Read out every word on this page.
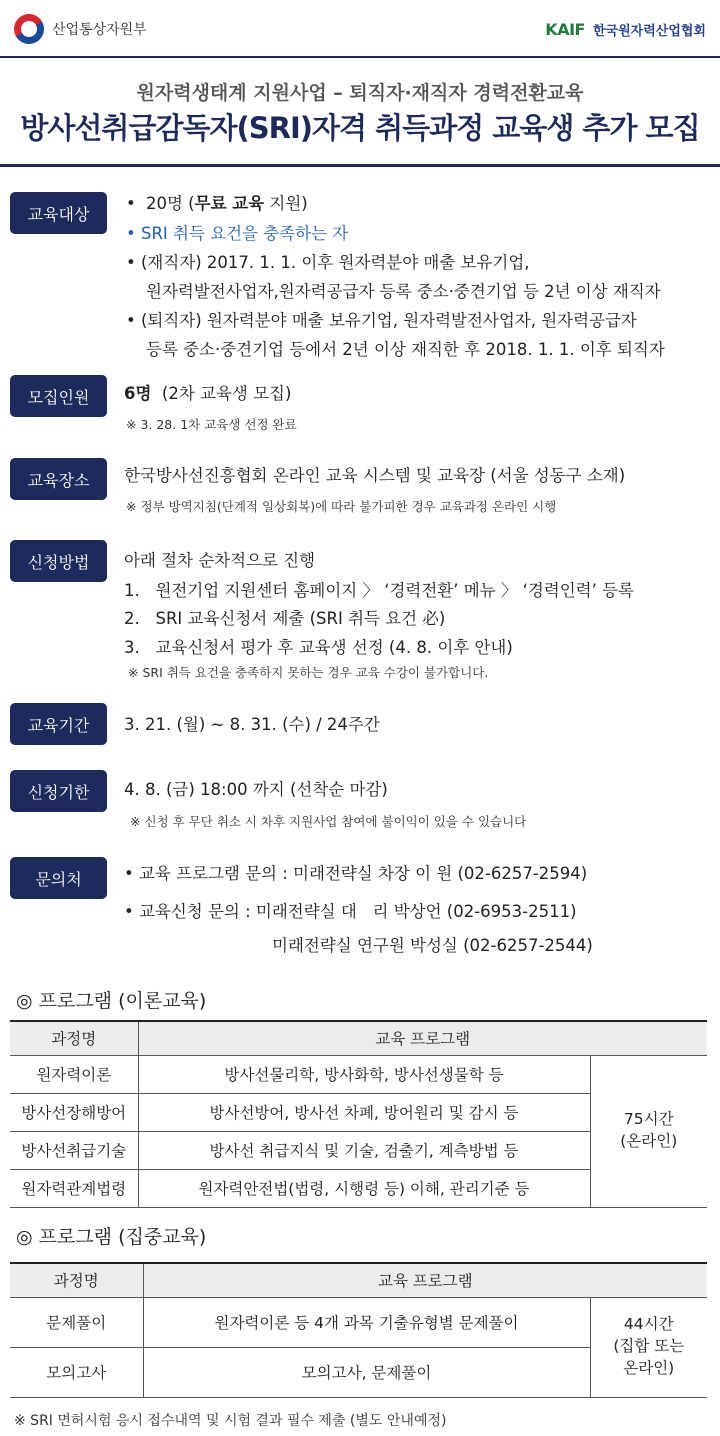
산업통상자원부	KAIF 한국원자력산업협회
원자력생태계 지원사업 – 퇴직자·재직자 경력전환교육
방사선취급감독자(SRI)자격 취득과정 교육생 추가 모집
교육대상
• 20명 (무료 교육 지원)
• SRI 취득 요건을 충족하는 자
• (재직자) 2017. 1. 1. 이후 원자력분야 매출 보유기업,
원자력발전사업자,원자력공급자 등록 중소·중견기업 등 2년 이상 재직자
• (퇴직자) 원자력분야 매출 보유기업, 원자력발전사업자, 원자력공급자
등록 중소·중견기업 등에서 2년 이상 재직한 후 2018. 1. 1. 이후 퇴직자
모집인원	6명 (2차 교육생 모집)
※ 3. 28. 1차 교육생 선정 완료
교육장소	한국방사선진흥협회 온라인 교육 시스템 및 교육장 (서울 성동구 소재)
※ 정부 방역지침(단계적 일상회복)에 따라 불가피한 경우 교육과정 온라인 시행
신청방법	아래 절차 순차적으로 진행
1.   원전기업 지원센터 홈페이지 〉 ‘경력전환’ 메뉴 〉 ‘경력인력’ 등록
2.   SRI 교육신청서 제출 (SRI 취득 요건 必)
3.   교육신청서 평가 후 교육생 선정 (4. 8. 이후 안내)
※ SRI 취득 요건을 충족하지 못하는 경우 교육 수강이 불가합니다.
교육기간	3. 21. (월) ~ 8. 31. (수) / 24주간
신청기한	4. 8. (금) 18:00 까지 (선착순 마감)
※ 신청 후 무단 취소 시 차후 지원사업 참여에 불이익이 있을 수 있습니다
문의처	• 교육 프로그램 문의 : 미래전략실 차장 이 원 (02-6257-2594)
• 교육신청 문의 : 미래전략실 대   리 박상언 (02-6953-2511)
미래전략실 연구원 박성실 (02-6257-2544)
◎ 프로그램 (이론교육)
과정명	교육 프로그램	
원자력이론	방사선물리학, 방사화학, 방사선생물학 등	75시간
(온라인)

방사선장해방어	방사선방어, 방사선 차폐, 방어원리 및 감시 등	
방사선취급기술	방사선 취급지식 및 기술, 검출기, 계측방법 등	
원자력관계법령	원자력안전법(법령, 시행령 등) 이해, 관리기준 등	
◎ 프로그램 (집중교육)
과정명	교육 프로그램	
문제풀이	원자력이론 등 4개 과목 기출유형별 문제풀이	44시간
(집합 또는
온라인)

모의고사	모의고사, 문제풀이	
※ SRI 면허시험 응시 접수내역 및 시험 결과 필수 제출 (별도 안내예정)
